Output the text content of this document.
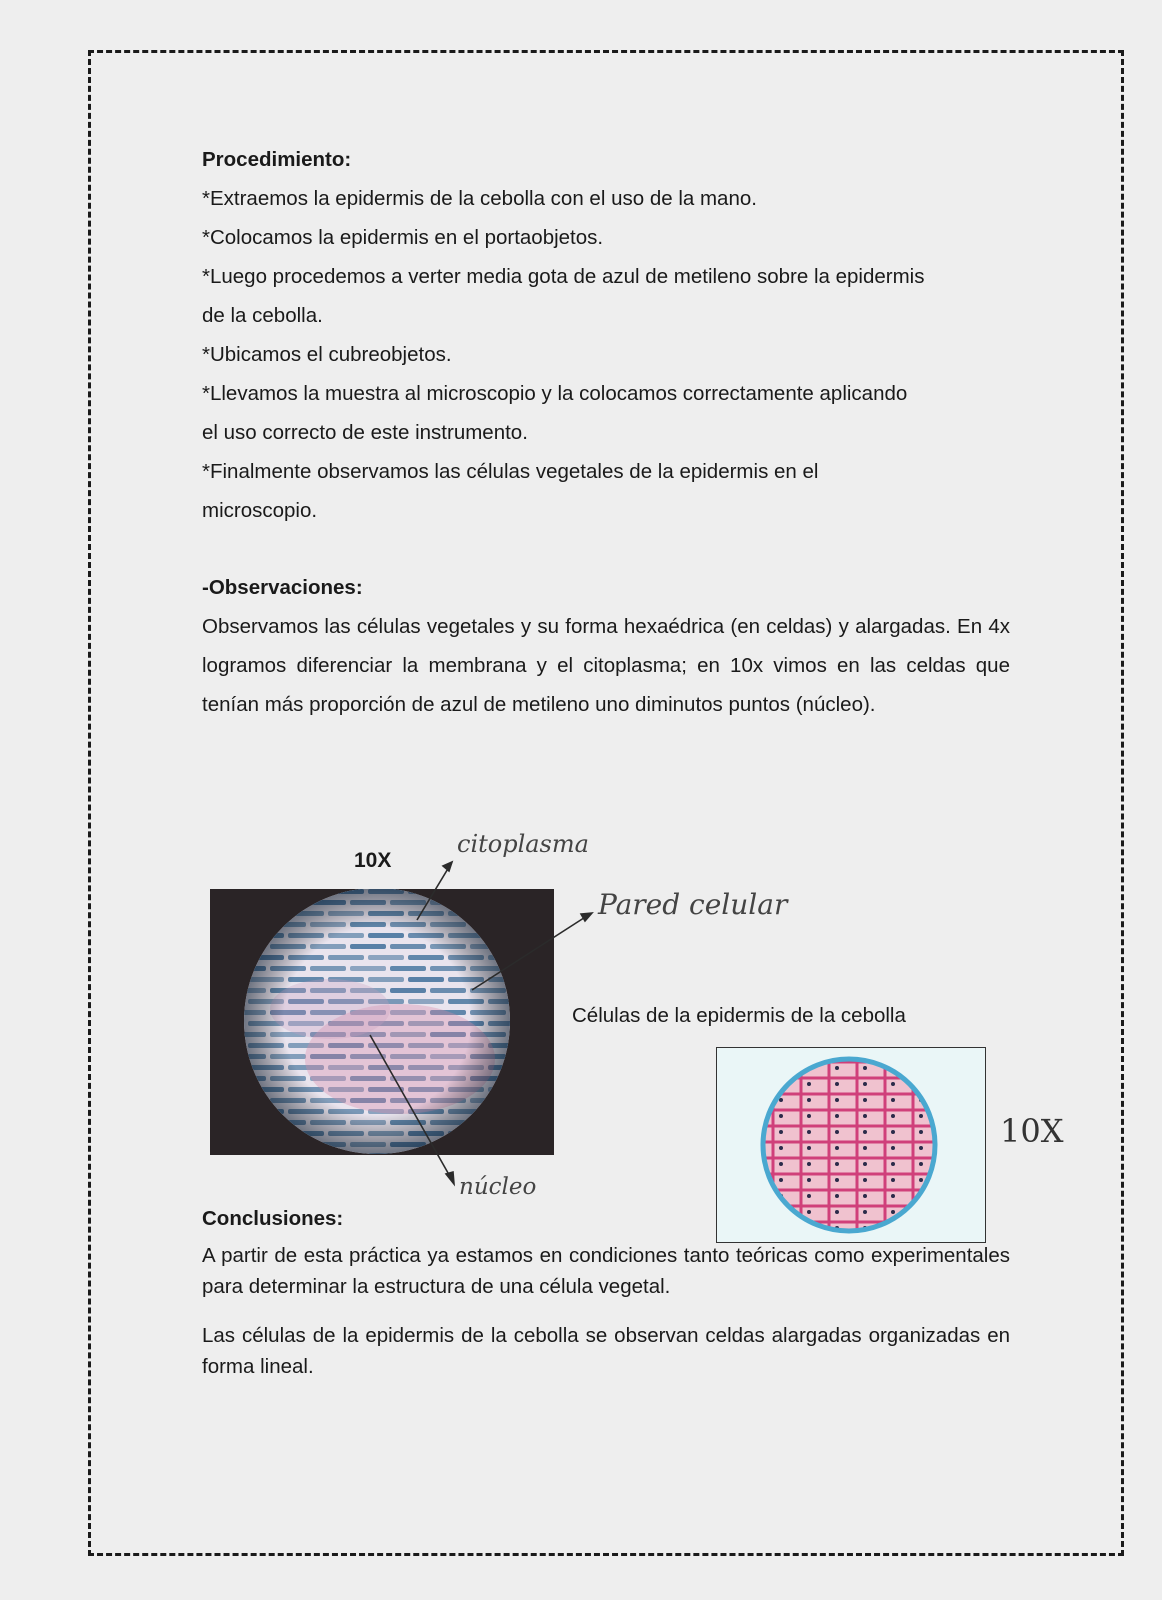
Procedimiento:

*Extraemos la epidermis de la cebolla con el uso de la mano.

*Colocamos la epidermis en el portaobjetos.

*Luego procedemos a verter media gota de azul de metileno sobre la epidermis

de la cebolla.

*Ubicamos el cubreobjetos.

*Llevamos la muestra al microscopio y la colocamos correctamente aplicando

el uso correcto de este instrumento.

*Finalmente observamos las células vegetales de la epidermis en el

microscopio.

-Observaciones:

Observamos las células vegetales y su forma hexaédrica (en celdas) y alargadas. En 4x logramos diferenciar la membrana y el citoplasma; en 10x vimos en las celdas que tenían más proporción de azul de metileno uno diminutos puntos (núcleo).

10X
Células de la epidermis de la cebolla
citoplasma
Pared celular
núcleo
10X

Conclusiones:

A partir de esta práctica ya estamos en condiciones tanto teóricas como experimentales para determinar la estructura de una célula vegetal.

Las células de la epidermis de la cebolla se observan celdas alargadas organizadas en forma lineal.
